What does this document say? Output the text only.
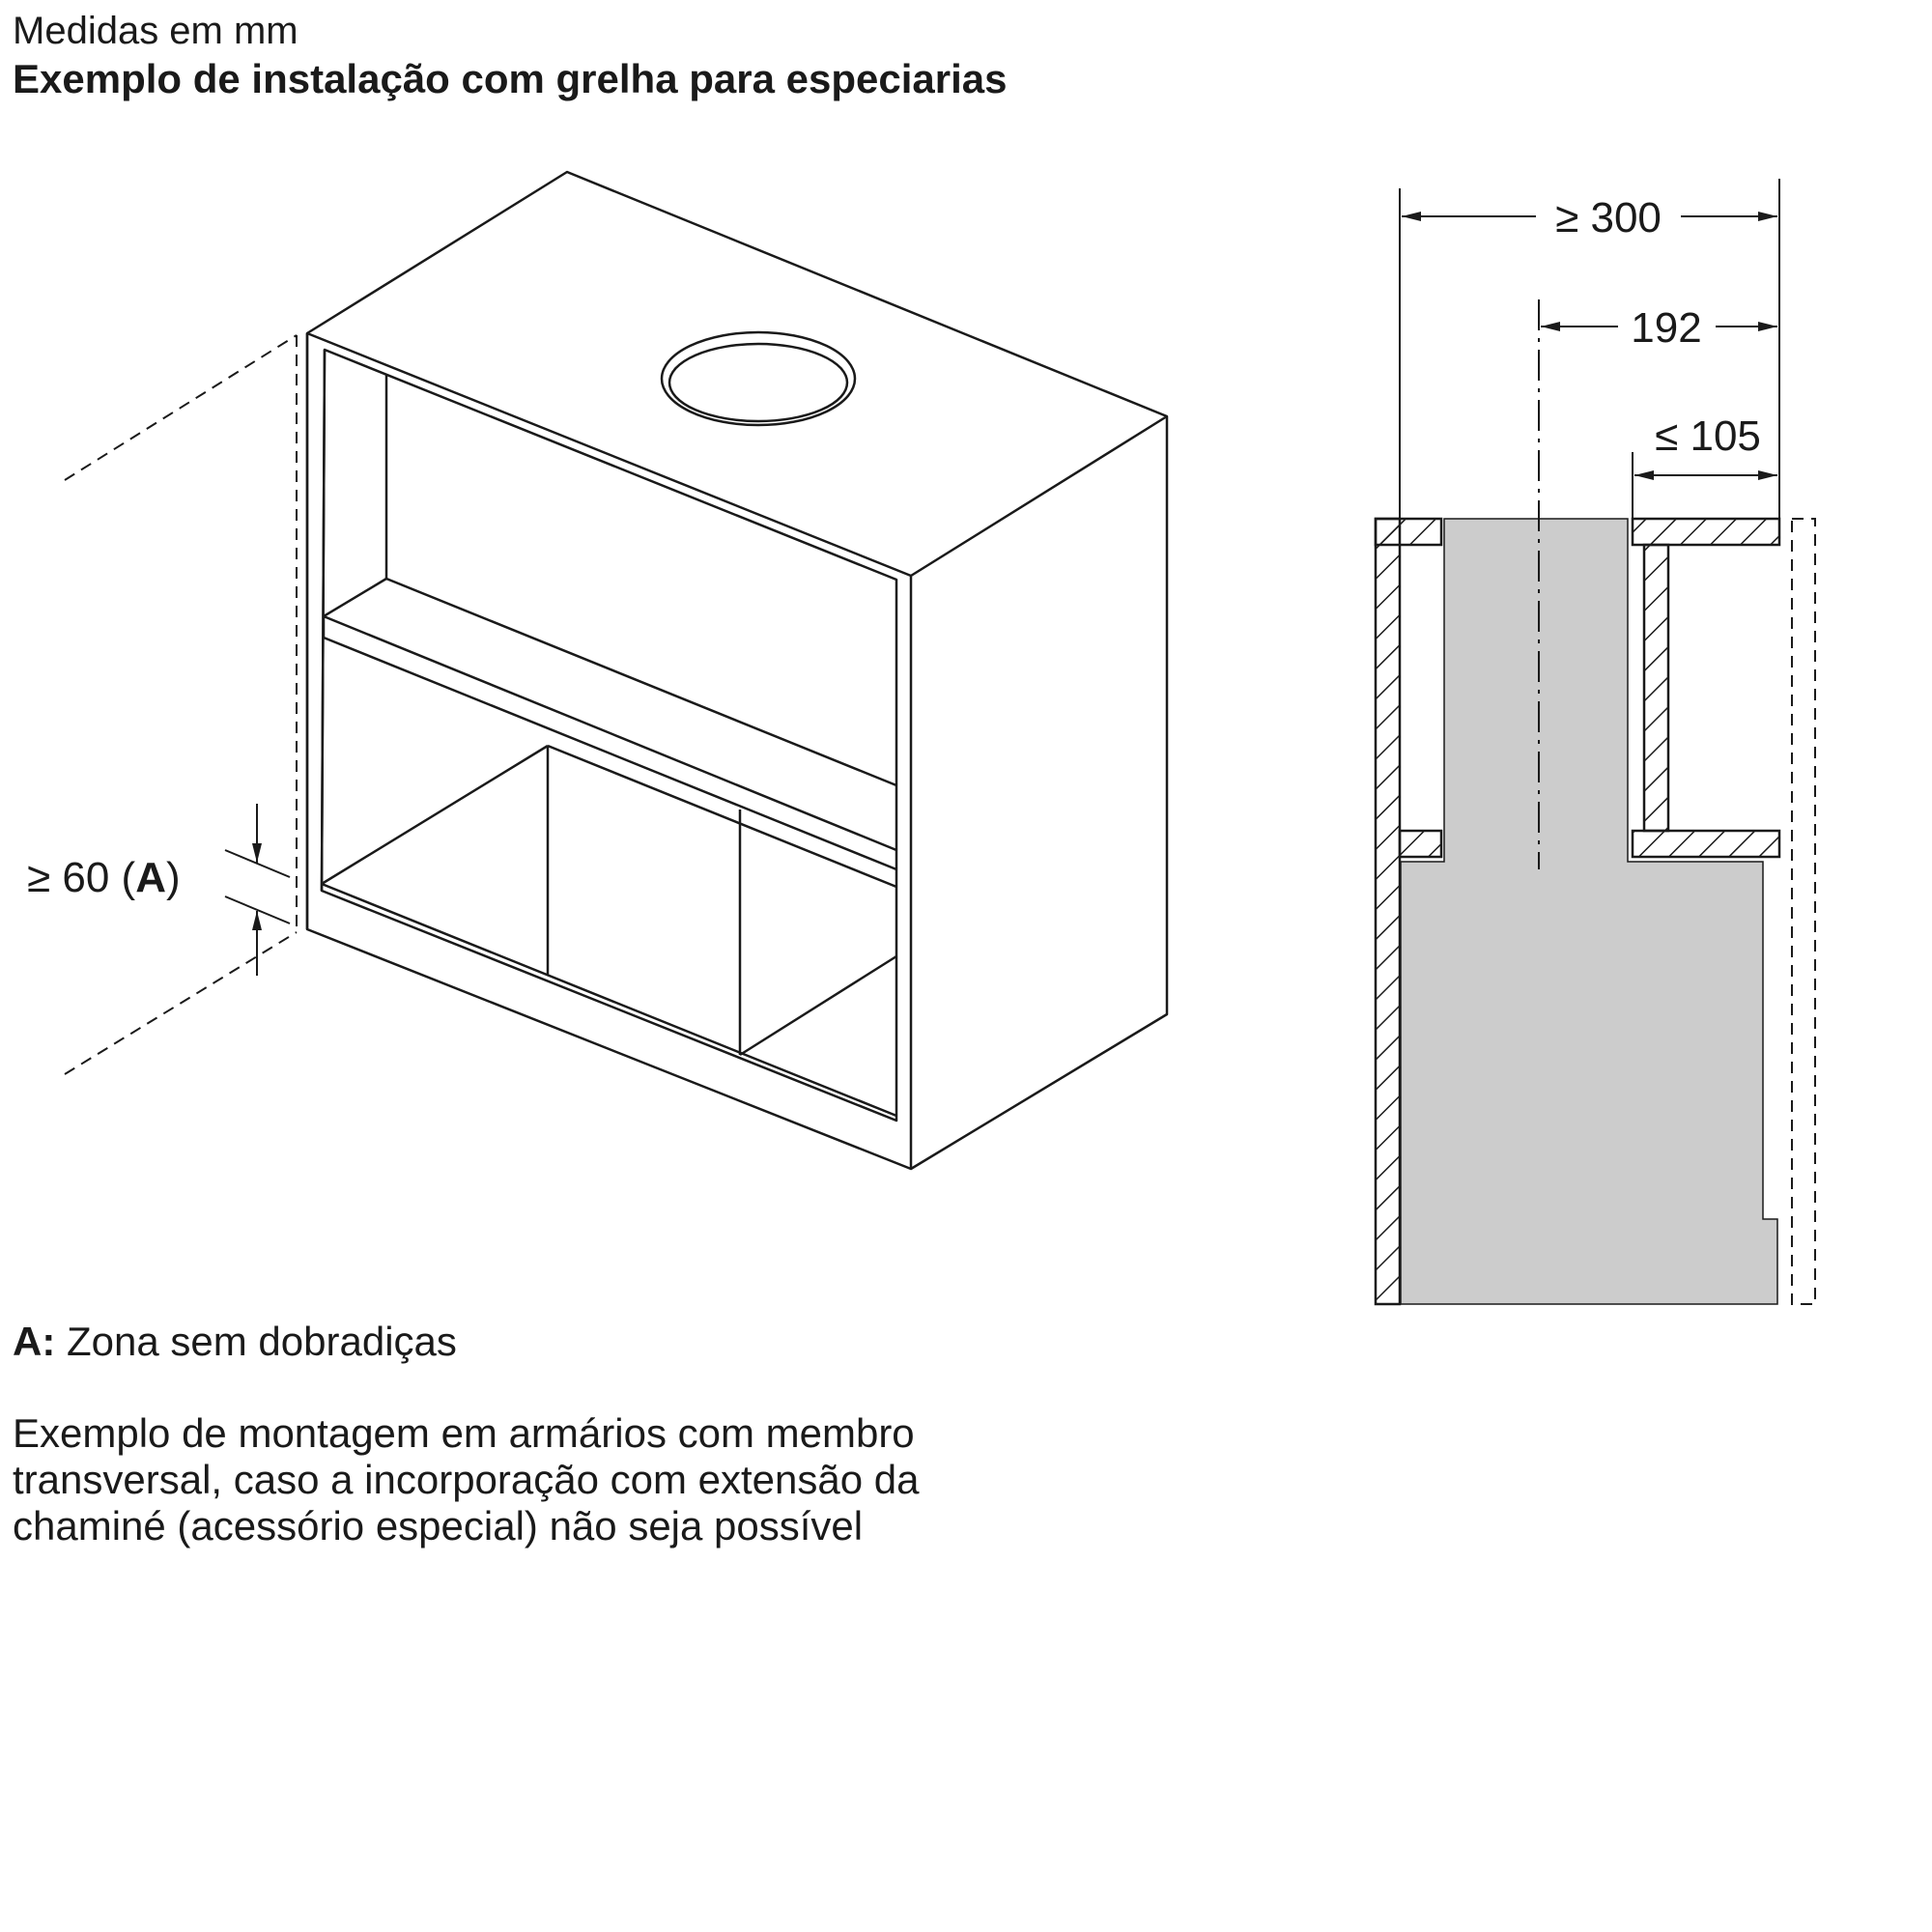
Medidas em mm
Exemplo de instalação com grelha para especiarias
≥ 60 (A)
≥ 300
192
≤ 105
A: Zona sem dobradiças
Exemplo de montagem em armários com membro
transversal, caso a incorporação com extensão da
chaminé (acessório especial) não seja possível
